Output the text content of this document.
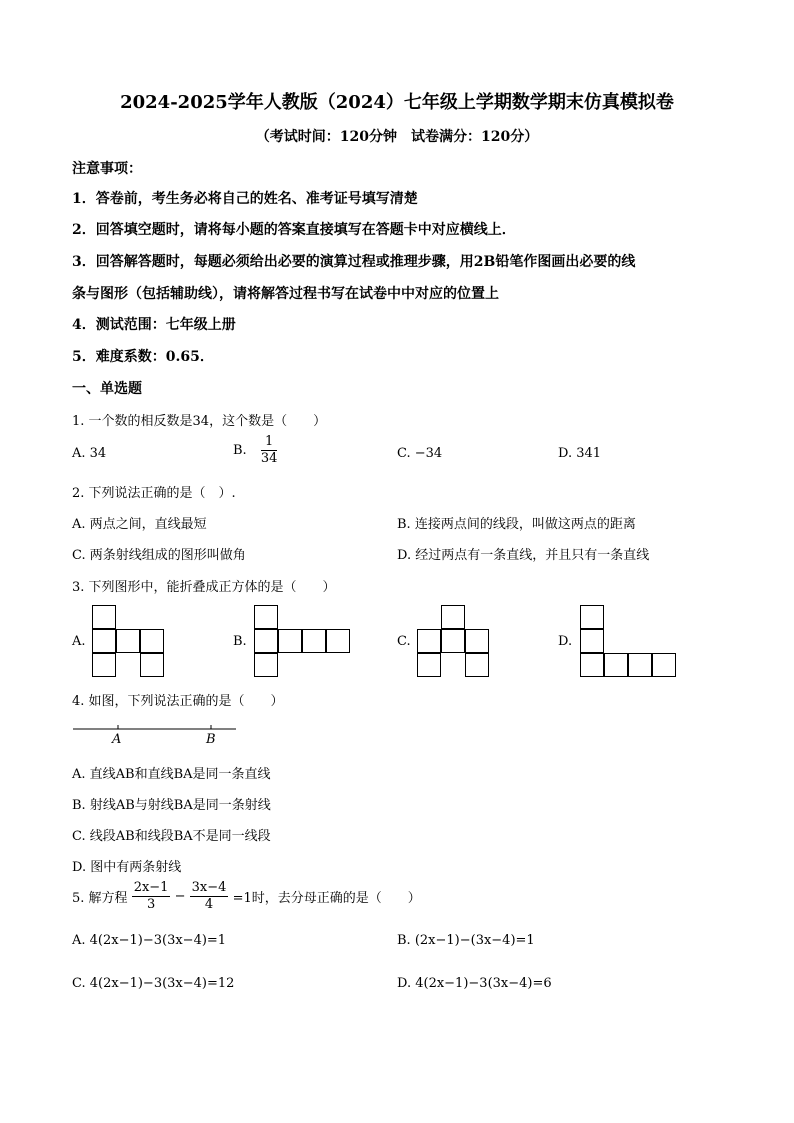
2024-2025学年人教版（2024）七年级上学期数学期末仿真模拟卷
（考试时间：120分钟　试卷满分：120分）
注意事项：
1．答卷前，考生务必将自己的姓名、准考证号填写清楚
2．回答填空题时，请将每小题的答案直接填写在答题卡中对应横线上．
3．回答解答题时，每题必须给出必要的演算过程或推理步骤，用2B铅笔作图画出必要的线
条与图形（包括辅助线），请将解答过程书写在试卷中中对应的位置上
4．测试范围：七年级上册
5．难度系数：0.65．
一、单选题
1. 一个数的相反数是34，这个数是（　　）
A. 34	B. $\frac{1}{34}$	C. −34	D. 341
2. 下列说法正确的是（　）.
A. 两点之间，直线最短	B. 连接两点间的线段，叫做这两点的距离
C. 两条射线组成的图形叫做角	D. 经过两点有一条直线，并且只有一条直线
3. 下列图形中，能折叠成正方体的是（　　）
A.	B.	C.	D.
4. 如图，下列说法正确的是（　　）
A	B
A. 直线AB和直线BA是同一条直线
B. 射线AB与射线BA是同一条射线
C. 线段AB和线段BA不是同一线段
D. 图中有两条射线
5. 解方程 $\frac{2x-1}{3} - \frac{3x-4}{4} =1$时，去分母正确的是（　　）
A. 4(2x−1)−3(3x−4)=1	B. (2x−1)−(3x−4)=1
C. 4(2x−1)−3(3x−4)=12	D. 4(2x−1)−3(3x−4)=6
